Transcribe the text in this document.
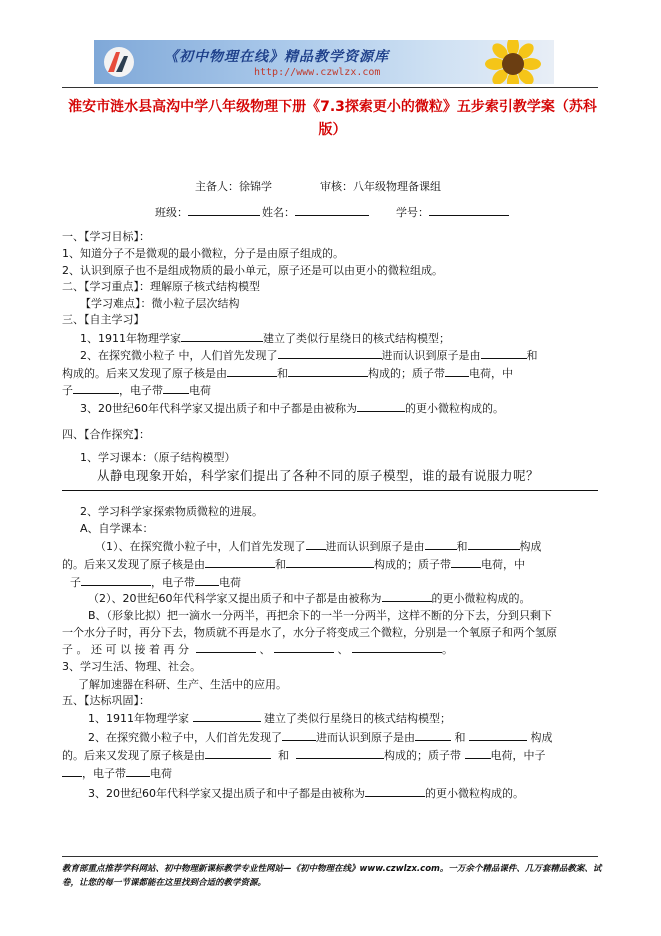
《初中物理在线》精品教学资源库
http://www.czwlzx.com
淮安市涟水县高沟中学八年级物理下册《7.3探索更小的微粒》五步索引教学案（苏科版）
主备人：徐锦学	审核：八年级物理备课组
班级：	姓名：	学号：
一、【学习目标】：
1、知道分子不是微观的最小微粒，分子是由原子组成的。
2、认识到原子也不是组成物质的最小单元，原子还是可以由更小的微粒组成。
二、【学习重点】：理解原子核式结构模型
【学习难点】：微小粒子层次结构
三、【自主学习】
1、1911年物理学家	建立了类似行星绕日的核式结构模型；
2、在探究微小粒子 中，人们首先发现了	进而认识到原子是由	和
构成的。后来又发现了原子核是由	和	构成的；质子带 电荷，中
子	，电子带 电荷
3、20世纪60年代科学家又提出质子和中子都是由被称为	的更小微粒构成的。
四、【合作探究】：
1、学习课本：（原子结构模型）
从静电现象开始，科学家们提出了各种不同的原子模型，谁的最有说服力呢？
2、学习科学家探索物质微粒的进展。
A、自学课本：
（1）、在探究微小粒子中，人们首先发现了 进而认识到原子是由	和	构成
的。后来又发现了原子核是由	和	构成的；质子带	电荷，中
子	，电子带 电荷
（2）、20世纪60年代科学家又提出质子和中子都是由被称为	的更小微粒构成的。
B、（形象比拟）把一滴水一分两半，再把余下的一半一分两半，这样不断的分下去，分到只剩下
一个水分子时，再分下去，物质就不再是水了，水分子将变成三个微粒，分别是一个氧原子和两个氢原
子 。 还 可 以 接 着 再 分	、	、	。
3、学习生活、物理、社会。
了解加速器在科研、生产、生活中的应用。
五、【达标巩固】：
1、1911年物理学家	建立了类似行星绕日的核式结构模型；
2、在探究微小粒子中，人们首先发现了	进而认识到原子是由	和	构成
的。后来又发现了原子核是由	和	构成的；质子带	电荷，中子
，电子带 电荷
3、20世纪60年代科学家又提出质子和中子都是由被称为	的更小微粒构成的。
教育部重点推荐学科网站、初中物理新课标教学专业性网站—《初中物理在线》www.czwlzx.com。一万余个精品课件、几万套精品教案、试卷，让您的每一节课都能在这里找到合适的教学资源。
